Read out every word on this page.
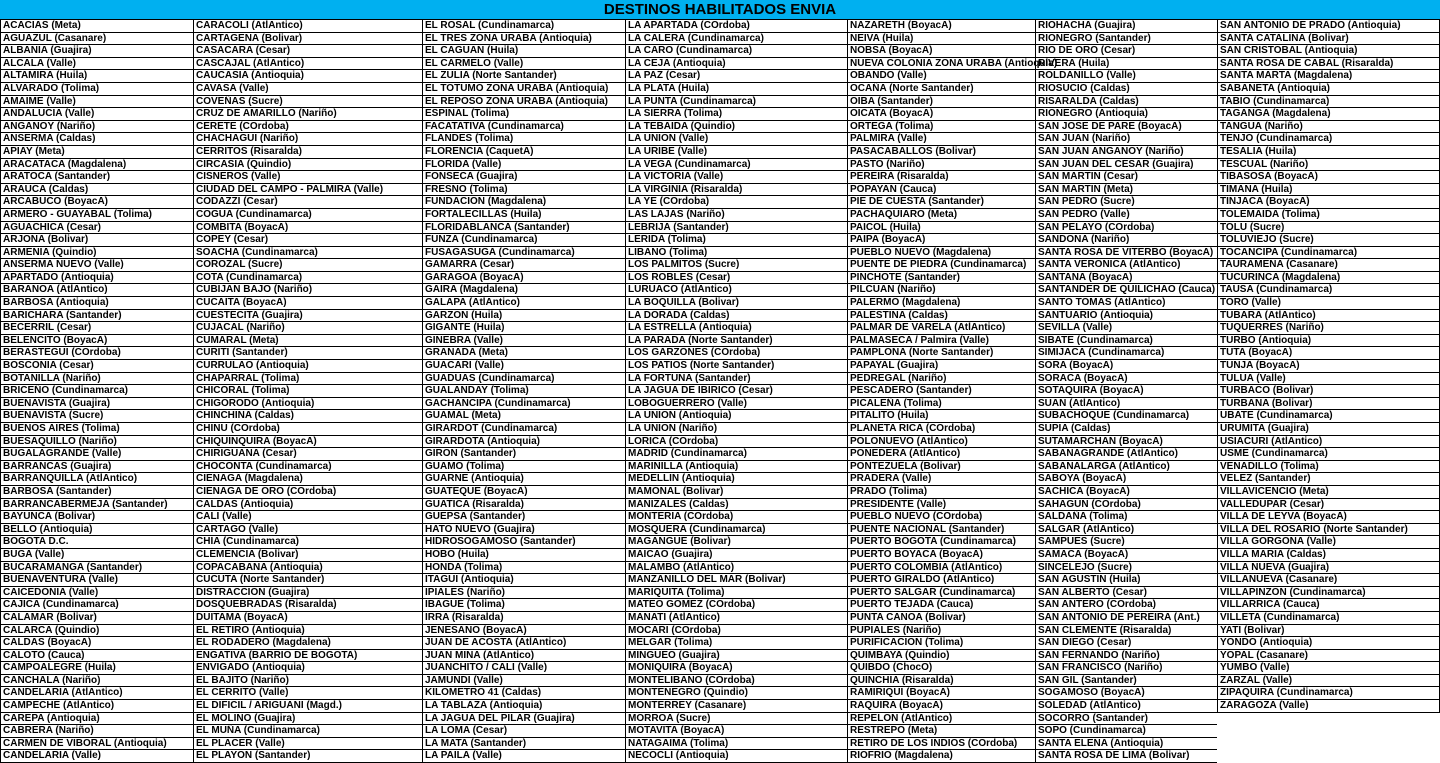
DESTINOS HABILITADOS ENVIA
ACACIAS (Meta)
AGUAZUL (Casanare)
ALBANIA (Guajira)
ALCALA (Valle)
ALTAMIRA (Huila)
ALVARADO (Tolima)
AMAIME (Valle)
ANDALUCIA (Valle)
ANGANOY (Nariño)
ANSERMA (Caldas)
APIAY (Meta)
ARACATACA (Magdalena)
ARATOCA (Santander)
ARAUCA (Caldas)
ARCABUCO (BoyacA)
ARMERO - GUAYABAL (Tolima)
AGUACHICA (Cesar)
ARJONA (Bolivar)
ARMENIA (Quindio)
ANSERMA NUEVO (Valle)
APARTADO (Antioquia)
BARANOA (AtlAntico)
BARBOSA (Antioquia)
BARICHARA (Santander)
BECERRIL (Cesar)
BELENCITO (BoyacA)
BERASTEGUI (COrdoba)
BOSCONIA (Cesar)
BOTANILLA (Nariño)
BRICEÑO (Cundinamarca)
BUENAVISTA (Guajira)
BUENAVISTA (Sucre)
BUENOS AIRES (Tolima)
BUESAQUILLO (Nariño)
BUGALAGRANDE (Valle)
BARRANCAS (Guajira)
BARRANQUILLA (AtlAntico)
BARBOSA (Santander)
BARRANCABERMEJA (Santander)
BAYUNCA (Bolivar)
BELLO (Antioquia)
BOGOTA D.C.
BUGA (Valle)
BUCARAMANGA (Santander)
BUENAVENTURA (Valle)
CAICEDONIA (Valle)
CAJICA (Cundinamarca)
CALAMAR (Bolivar)
CALARCA (Quindio)
CALDAS (BoyacA)
CALOTO (Cauca)
CAMPOALEGRE (Huila)
CANCHALA (Nariño)
CANDELARIA (AtlAntico)
CAMPECHE (AtlAntico)
CAREPA (Antioquia)
CABRERA (Nariño)
CARMEN DE VIBORAL (Antioquia)
CANDELARIA (Valle)
CARACOLI (AtlAntico)
CARTAGENA (Bolivar)
CASACARA (Cesar)
CASCAJAL (AtlAntico)
CAUCASIA (Antioquia)
CAVASA (Valle)
COVEÑAS (Sucre)
CRUZ DE AMARILLO (Nariño)
CERETE (COrdoba)
CHACHAGUI (Nariño)
CERRITOS (Risaralda)
CIRCASIA (Quindio)
CISNEROS (Valle)
CIUDAD DEL CAMPO - PALMIRA (Valle)
CODAZZI (Cesar)
COGUA (Cundinamarca)
COMBITA (BoyacA)
COPEY (Cesar)
SOACHA (Cundinamarca)
COROZAL (Sucre)
COTA (Cundinamarca)
CUBIJAN BAJO (Nariño)
CUCAITA (BoyacA)
CUESTECITA (Guajira)
CUJACAL (Nariño)
CUMARAL (Meta)
CURITI (Santander)
CURRULAO (Antioquia)
CHAPARRAL (Tolima)
CHICORAL (Tolima)
CHIGORODO (Antioquia)
CHINCHINA (Caldas)
CHINU (COrdoba)
CHIQUINQUIRA (BoyacA)
CHIRIGUANA (Cesar)
CHOCONTA (Cundinamarca)
CIENAGA (Magdalena)
CIENAGA DE ORO (COrdoba)
CALDAS (Antioquia)
CALI (Valle)
CARTAGO (Valle)
CHIA (Cundinamarca)
CLEMENCIA (Bolivar)
COPACABANA (Antioquia)
CUCUTA (Norte Santander)
DISTRACCION (Guajira)
DOSQUEBRADAS (Risaralda)
DUITAMA (BoyacA)
EL RETIRO (Antioquia)
EL RODADERO (Magdalena)
ENGATIVA (BARRIO DE BOGOTA)
ENVIGADO (Antioquia)
EL BAJITO (Nariño)
EL CERRITO (Valle)
EL DIFICIL / ARIGUANI (Magd.)
EL MOLINO (Guajira)
EL MUÑA (Cundinamarca)
EL PLACER (Valle)
EL PLAYON (Santander)
EL ROSAL (Cundinamarca)
EL TRES ZONA URABA (Antioquia)
EL CAGUAN (Huila)
EL CARMELO (Valle)
EL ZULIA (Norte Santander)
EL TOTUMO ZONA URABA (Antioquia)
EL REPOSO ZONA URABA (Antioquia)
ESPINAL (Tolima)
FACATATIVA (Cundinamarca)
FLANDES (Tolima)
FLORENCIA (CaquetA)
FLORIDA (Valle)
FONSECA (Guajira)
FRESNO (Tolima)
FUNDACION (Magdalena)
FORTALECILLAS (Huila)
FLORIDABLANCA (Santander)
FUNZA (Cundinamarca)
FUSAGASUGA (Cundinamarca)
GAMARRA (Cesar)
GARAGOA (BoyacA)
GAIRA (Magdalena)
GALAPA (AtlAntico)
GARZON (Huila)
GIGANTE (Huila)
GINEBRA (Valle)
GRANADA (Meta)
GUACARI (Valle)
GUADUAS (Cundinamarca)
GUALANDAY (Tolima)
GACHANCIPA (Cundinamarca)
GUAMAL (Meta)
GIRARDOT (Cundinamarca)
GIRARDOTA (Antioquia)
GIRON (Santander)
GUAMO (Tolima)
GUARNE (Antioquia)
GUATEQUE (BoyacA)
GUATICA (Risaralda)
GUEPSA (Santander)
HATO NUEVO (Guajira)
HIDROSOGAMOSO (Santander)
HOBO (Huila)
HONDA (Tolima)
ITAGUI (Antioquia)
IPIALES (Nariño)
IBAGUE (Tolima)
IRRA (Risaralda)
JENESANO (BoyacA)
JUAN DE ACOSTA (AtlAntico)
JUAN MINA (AtlAntico)
JUANCHITO / CALI (Valle)
JAMUNDI (Valle)
KILOMETRO 41 (Caldas)
LA TABLAZA (Antioquia)
LA JAGUA DEL PILAR (Guajira)
LA LOMA (Cesar)
LA MATA (Santander)
LA PAILA (Valle)
LA APARTADA (COrdoba)
LA CALERA (Cundinamarca)
LA CARO (Cundinamarca)
LA CEJA (Antioquia)
LA PAZ (Cesar)
LA PLATA (Huila)
LA PUNTA (Cundinamarca)
LA SIERRA (Tolima)
LA TEBAIDA (Quindio)
LA UNION (Valle)
LA URIBE (Valle)
LA VEGA (Cundinamarca)
LA VICTORIA (Valle)
LA VIRGINIA (Risaralda)
LA YE (COrdoba)
LAS LAJAS (Nariño)
LEBRIJA (Santander)
LERIDA (Tolima)
LIBANO (Tolima)
LOS PALMITOS (Sucre)
LOS ROBLES (Cesar)
LURUACO (AtlAntico)
LA BOQUILLA (Bolivar)
LA DORADA (Caldas)
LA ESTRELLA (Antioquia)
LA PARADA (Norte Santander)
LOS GARZONES (COrdoba)
LOS PATIOS (Norte Santander)
LA FORTUNA (Santander)
LA JAGUA DE IBIRICO (Cesar)
LOBOGUERRERO (Valle)
LA UNION (Antioquia)
LA UNION (Nariño)
LORICA (COrdoba)
MADRID (Cundinamarca)
MARINILLA (Antioquia)
MEDELLIN (Antioquia)
MAMONAL (Bolivar)
MANIZALES (Caldas)
MONTERIA (COrdoba)
MOSQUERA (Cundinamarca)
MAGANGUE (Bolivar)
MAICAO (Guajira)
MALAMBO (AtlAntico)
MANZANILLO DEL MAR (Bolivar)
MARIQUITA (Tolima)
MATEO GOMEZ (COrdoba)
MANATI (AtlAntico)
MOCARI (COrdoba)
MELGAR (Tolima)
MINGUEO (Guajira)
MONIQUIRA (BoyacA)
MONTELIBANO (COrdoba)
MONTENEGRO (Quindio)
MONTERREY (Casanare)
MORROA (Sucre)
MOTAVITA (BoyacA)
NATAGAIMA (Tolima)
NECOCLI (Antioquia)
NAZARETH (BoyacA)
NEIVA (Huila)
NOBSA (BoyacA)
NUEVA COLONIA ZONA URABA (Antioquia)
OBANDO (Valle)
OCAÑA (Norte Santander)
OIBA (Santander)
OICATA (BoyacA)
ORTEGA (Tolima)
PALMIRA (Valle)
PASACABALLOS (Bolivar)
PASTO (Nariño)
PEREIRA (Risaralda)
POPAYAN (Cauca)
PIE DE CUESTA (Santander)
PACHAQUIARO (Meta)
PAICOL (Huila)
PAIPA (BoyacA)
PUEBLO NUEVO (Magdalena)
PUENTE DE PIEDRA (Cundinamarca)
PINCHOTE (Santander)
PILCUAN (Nariño)
PALERMO (Magdalena)
PALESTINA (Caldas)
PALMAR DE VARELA (AtlAntico)
PALMASECA / Palmira (Valle)
PAMPLONA (Norte Santander)
PAPAYAL (Guajira)
PEDREGAL (Nariño)
PESCADERO (Santander)
PICALEÑA (Tolima)
PITALITO (Huila)
PLANETA RICA (COrdoba)
POLONUEVO (AtlAntico)
PONEDERA (AtlAntico)
PONTEZUELA (Bolivar)
PRADERA (Valle)
PRADO (Tolima)
PRESIDENTE (Valle)
PUEBLO NUEVO (COrdoba)
PUENTE NACIONAL (Santander)
PUERTO BOGOTA (Cundinamarca)
PUERTO BOYACA (BoyacA)
PUERTO COLOMBIA (AtlAntico)
PUERTO GIRALDO (AtlAntico)
PUERTO SALGAR (Cundinamarca)
PUERTO TEJADA (Cauca)
PUNTA CANOA (Bolivar)
PUPIALES (Nariño)
PURIFICACION (Tolima)
QUIMBAYA (Quindio)
QUIBDO (ChocO)
QUINCHIA (Risaralda)
RAMIRIQUI (BoyacA)
RAQUIRA (BoyacA)
REPELON (AtlAntico)
RESTREPO (Meta)
RETIRO DE LOS INDIOS (COrdoba)
RIOFRIO (Magdalena)
RIOHACHA (Guajira)
RIONEGRO (Santander)
RIO DE ORO (Cesar)
RIVERA (Huila)
ROLDANILLO (Valle)
RIOSUCIO (Caldas)
RISARALDA (Caldas)
RIONEGRO (Antioquia)
SAN JOSE DE PARE (BoyacA)
SAN JUAN (Nariño)
SAN JUAN ANGANOY (Nariño)
SAN JUAN DEL CESAR (Guajira)
SAN MARTIN (Cesar)
SAN MARTIN (Meta)
SAN PEDRO (Sucre)
SAN PEDRO (Valle)
SAN PELAYO (COrdoba)
SANDONA (Nariño)
SANTA ROSA DE VITERBO (BoyacA)
SANTA VERONICA (AtlAntico)
SANTANA (BoyacA)
SANTANDER DE QUILICHAO (Cauca)
SANTO TOMAS (AtlAntico)
SANTUARIO (Antioquia)
SEVILLA (Valle)
SIBATE (Cundinamarca)
SIMIJACA (Cundinamarca)
SORA (BoyacA)
SORACA (BoyacA)
SOTAQUIRA (BoyacA)
SUAN (AtlAntico)
SUBACHOQUE (Cundinamarca)
SUPIA (Caldas)
SUTAMARCHAN (BoyacA)
SABANAGRANDE (AtlAntico)
SABANALARGA (AtlAntico)
SABOYA (BoyacA)
SACHICA (BoyacA)
SAHAGUN (COrdoba)
SALDAÑA (Tolima)
SALGAR (AtlAntico)
SAMPUES (Sucre)
SAMACA (BoyacA)
SINCELEJO (Sucre)
SAN AGUSTIN (Huila)
SAN ALBERTO (Cesar)
SAN ANTERO (COrdoba)
SAN ANTONIO DE PEREIRA (Ant.)
SAN CLEMENTE (Risaralda)
SAN DIEGO (Cesar)
SAN FERNANDO (Nariño)
SAN FRANCISCO (Nariño)
SAN GIL (Santander)
SOGAMOSO (BoyacA)
SOLEDAD (AtlAntico)
SOCORRO (Santander)
SOPO (Cundinamarca)
SANTA ELENA (Antioquia)
SANTA ROSA DE LIMA (Bolivar)
SAN ANTONIO DE PRADO (Antioquia)
SANTA CATALINA (Bolivar)
SAN CRISTOBAL (Antioquia)
SANTA ROSA DE CABAL (Risaralda)
SANTA MARTA (Magdalena)
SABANETA (Antioquia)
TABIO (Cundinamarca)
TAGANGA (Magdalena)
TANGUA (Nariño)
TENJO (Cundinamarca)
TESALIA (Huila)
TESCUAL (Nariño)
TIBASOSA (BoyacA)
TIMANA (Huila)
TINJACA (BoyacA)
TOLEMAIDA (Tolima)
TOLU (Sucre)
TOLUVIEJO (Sucre)
TOCANCIPA (Cundinamarca)
TAURAMENA (Casanare)
TUCURINCA (Magdalena)
TAUSA (Cundinamarca)
TORO (Valle)
TUBARA (AtlAntico)
TUQUERRES (Nariño)
TURBO (Antioquia)
TUTA (BoyacA)
TUNJA (BoyacA)
TULUA (Valle)
TURBACO (Bolivar)
TURBANA (Bolivar)
UBATE (Cundinamarca)
URUMITA (Guajira)
USIACURI (AtlAntico)
USME (Cundinamarca)
VENADILLO (Tolima)
VELEZ (Santander)
VILLAVICENCIO (Meta)
VALLEDUPAR (Cesar)
VILLA DE LEYVA (BoyacA)
VILLA DEL ROSARIO (Norte Santander)
VILLA GORGONA (Valle)
VILLA MARIA (Caldas)
VILLA NUEVA (Guajira)
VILLANUEVA (Casanare)
VILLAPINZON (Cundinamarca)
VILLARRICA (Cauca)
VILLETA (Cundinamarca)
YATI (Bolivar)
YONDO (Antioquia)
YOPAL (Casanare)
YUMBO (Valle)
ZARZAL (Valle)
ZIPAQUIRA (Cundinamarca)
ZARAGOZA (Valle)
